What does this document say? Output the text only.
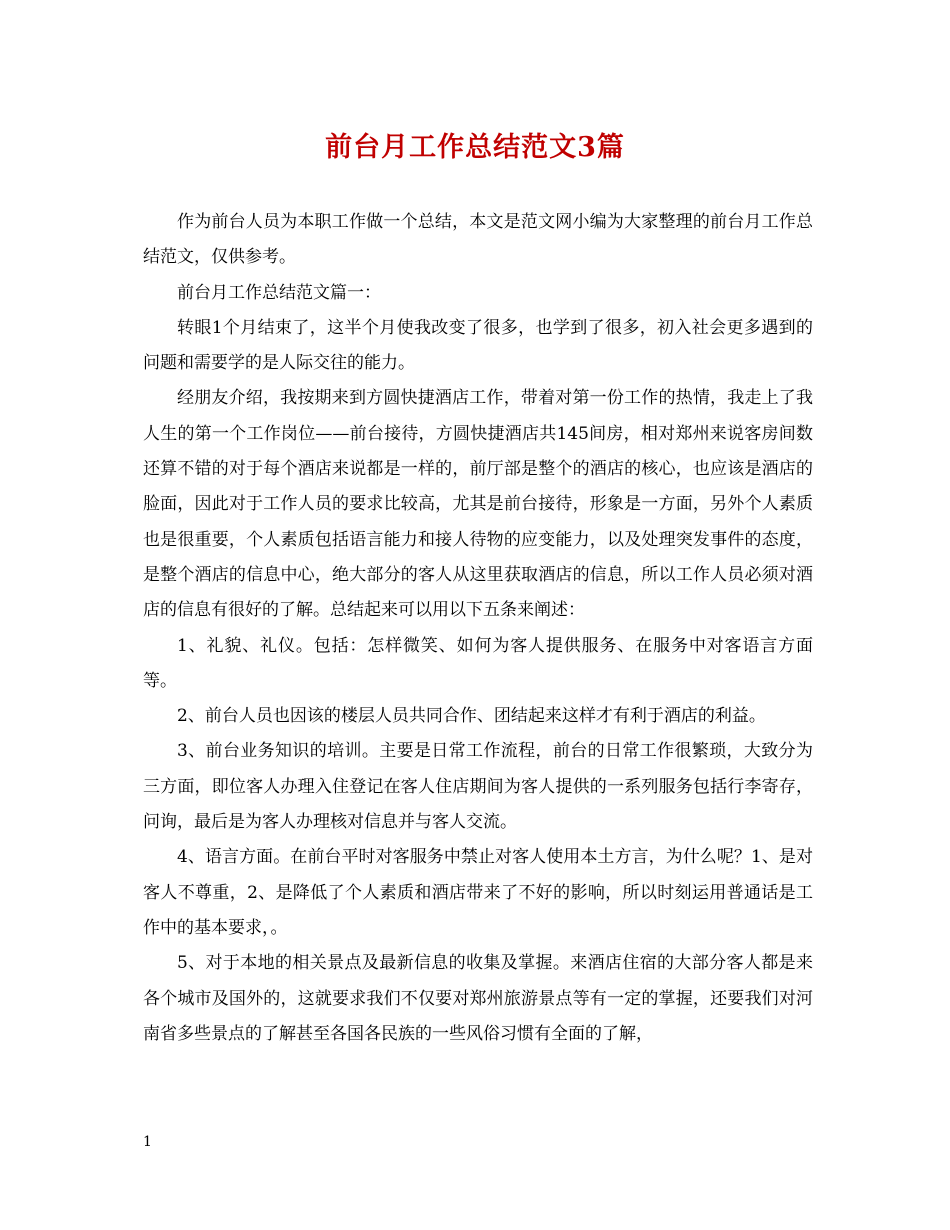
前台月工作总结范文3篇

作为前台人员为本职工作做一个总结，本文是范文网小编为大家整理的前台月工作总结范文，仅供参考。

前台月工作总结范文篇一：

转眼1个月结束了，这半个月使我改变了很多，也学到了很多，初入社会更多遇到的问题和需要学的是人际交往的能力。

经朋友介绍，我按期来到方圆快捷酒店工作，带着对第一份工作的热情，我走上了我人生的第一个工作岗位——前台接待，方圆快捷酒店共145间房，相对郑州来说客房间数还算不错的对于每个酒店来说都是一样的，前厅部是整个的酒店的核心，也应该是酒店的脸面，因此对于工作人员的要求比较高，尤其是前台接待，形象是一方面，另外个人素质也是很重要，个人素质包括语言能力和接人待物的应变能力，以及处理突发事件的态度，是整个酒店的信息中心，绝大部分的客人从这里获取酒店的信息，所以工作人员必须对酒店的信息有很好的了解。总结起来可以用以下五条来阐述：

1、礼貌、礼仪。包括：怎样微笑、如何为客人提供服务、在服务中对客语言方面等。

2、前台人员也因该的楼层人员共同合作、团结起来这样才有利于酒店的利益。

3、前台业务知识的培训。主要是日常工作流程，前台的日常工作很繁琐，大致分为三方面，即位客人办理入住登记在客人住店期间为客人提供的一系列服务包括行李寄存，问询，最后是为客人办理核对信息并与客人交流。

4、语言方面。在前台平时对客服务中禁止对客人使用本土方言，为什么呢？1、是对客人不尊重，2、是降低了个人素质和酒店带来了不好的影响，所以时刻运用普通话是工作中的基本要求，。

5、对于本地的相关景点及最新信息的收集及掌握。来酒店住宿的大部分客人都是来各个城市及国外的，这就要求我们不仅要对郑州旅游景点等有一定的掌握，还要我们对河南省多些景点的了解甚至各国各民族的一些风俗习惯有全面的了解，

1
